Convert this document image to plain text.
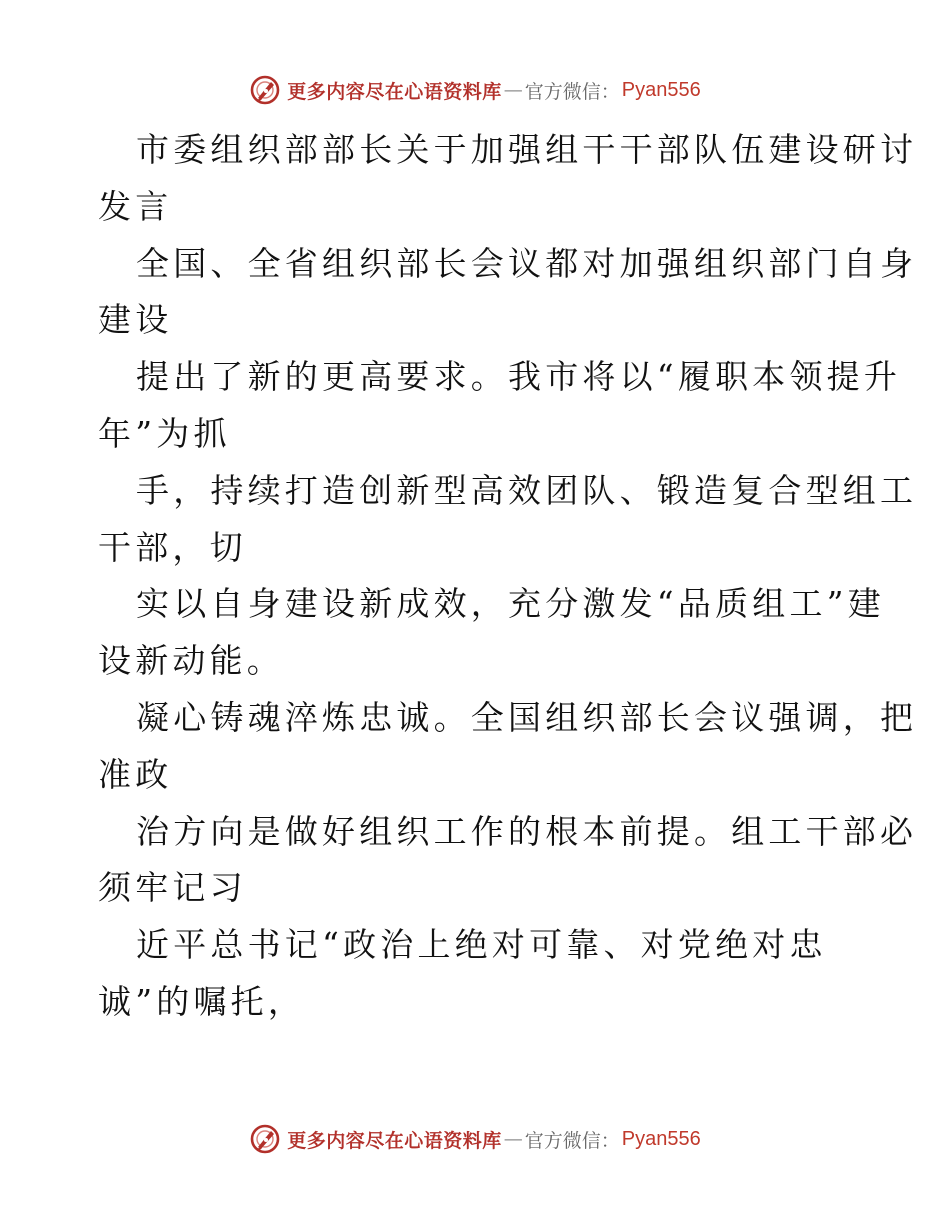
更多内容尽在心语资料库 — 官方微信： Pyan556
市委组织部部长关于加强组干干部队伍建设研讨
发言
全国、全省组织部长会议都对加强组织部门自身
建设
提出了新的更高要求。我市将以“履职本领提升
年”为抓
手，持续打造创新型高效团队、锻造复合型组工
干部，切
实以自身建设新成效，充分激发“品质组工”建
设新动能。
凝心铸魂淬炼忠诚。全国组织部长会议强调，把
准政
治方向是做好组织工作的根本前提。组工干部必
须牢记习
近平总书记“政治上绝对可靠、对党绝对忠
诚”的嘱托，
更多内容尽在心语资料库 — 官方微信： Pyan556
